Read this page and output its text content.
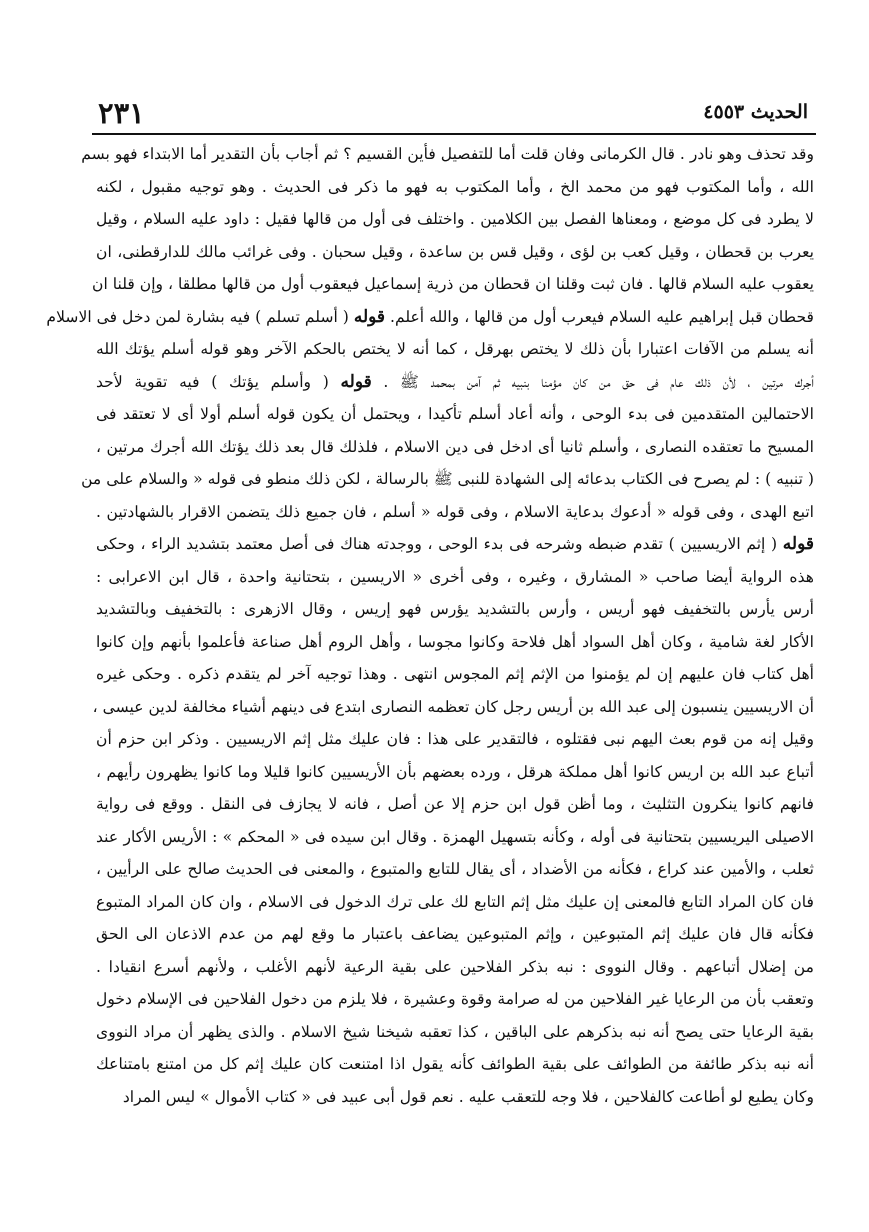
٢٣١	الحديث ٤٥٥٣
وقد تحذف وهو نادر . قال الكرمانى وفان قلت أما للتفصيل فأين القسيم ؟ ثم أجاب بأن التقدير أما الابتداء فهو بسم
الله ، وأما المكتوب فهو من محمد الخ ، وأما المكتوب به فهو ما ذكر فى الحديث . وهو توجيه مقبول ، لكنه
لا يطرد فى كل موضع ، ومعناها الفصل بين الكلامين . واختلف فى أول من قالها فقيل : داود عليه السلام ، وقيل
يعرب بن قحطان ، وقيل كعب بن لؤى ، وقيل قس بن ساعدة ، وقيل سحبان . وفى غرائب مالك للدارقطنى، ان
يعقوب عليه السلام قالها . فان ثبت وقلنا ان قحطان من ذرية إسماعيل فيعقوب أول من قالها مطلقا ، وإن قلنا ان
قحطان قبل إبراهيم عليه السلام فيعرب أول من قالها ، والله أعلم. قوله ( أسلم تسلم ) فيه بشارة لمن دخل فى الاسلام
أنه يسلم من الآفات اعتبارا بأن ذلك لا يختص بهرقل ، كما أنه لا يختص بالحكم الآخر وهو قوله أسلم يؤتك الله
أجرك مرتين ، لأن ذلك عام فى حق من كان مؤمنا بنبيه ثم آمن بمحمد ﷺ . قوله ( وأسلم يؤتك ) فيه تقوية لأحد
الاحتمالين المتقدمين فى بدء الوحى ، وأنه أعاد أسلم تأكيدا ، ويحتمل أن يكون قوله أسلم أولا أى لا تعتقد فى
المسيح ما تعتقده النصارى ، وأسلم ثانيا أى ادخل فى دين الاسلام ، فلذلك قال بعد ذلك يؤتك الله أجرك مرتين ،
( تنبيه ) : لم يصرح فى الكتاب بدعائه إلى الشهادة للنبى ﷺ بالرسالة ، لكن ذلك منطو فى قوله « والسلام على من
اتبع الهدى ، وفى قوله « أدعوك بدعاية الاسلام ، وفى قوله « أسلم ، فان جميع ذلك يتضمن الاقرار بالشهادتين .
قوله ( إثم الاريسيين ) تقدم ضبطه وشرحه فى بدء الوحى ، ووجدته هناك فى أصل معتمد بتشديد الراء ، وحكى
هذه الرواية أيضا صاحب « المشارق ، وغيره ، وفى أخرى « الاريسين ، بتحتانية واحدة ، قال ابن الاعرابى :
أرس يأرس بالتخفيف فهو أريس ، وأرس بالتشديد يؤرس فهو إريس ، وقال الازهرى : بالتخفيف وبالتشديد
الأكار لغة شامية ، وكان أهل السواد أهل فلاحة وكانوا مجوسا ، وأهل الروم أهل صناعة فأعلموا بأنهم وإن كانوا
أهل كتاب فان عليهم إن لم يؤمنوا من الإثم إثم المجوس انتهى . وهذا توجيه آخر لم يتقدم ذكره . وحكى غيره
أن الاريسيين ينسبون إلى عبد الله بن أريس رجل كان تعظمه النصارى ابتدع فى دينهم أشياء مخالفة لدين عيسى ،
وقيل إنه من قوم بعث اليهم نبى فقتلوه ، فالتقدير على هذا : فان عليك مثل إثم الاريسيين . وذكر ابن حزم أن
أتباع عبد الله بن اريس كانوا أهل مملكة هرقل ، ورده بعضهم بأن الأريسيين كانوا قليلا وما كانوا يظهرون رأيهم ،
فانهم كانوا ينكرون التثليث ، وما أظن قول ابن حزم إلا عن أصل ، فانه لا يجازف فى النقل . ووقع فى رواية
الاصيلى اليريسيين بتحتانية فى أوله ، وكأنه بتسهيل الهمزة . وقال ابن سيده فى « المحكم » : الأريس الأكار عند
ثعلب ، والأمين عند كراع ، فكأنه من الأضداد ، أى يقال للتابع والمتبوع ، والمعنى فى الحديث صالح على الرأيين ،
فان كان المراد التابع فالمعنى إن عليك مثل إثم التابع لك على ترك الدخول فى الاسلام ، وان كان المراد المتبوع
فكأنه قال فان عليك إثم المتبوعين ، وإثم المتبوعين يضاعف باعتبار ما وقع لهم من عدم الاذعان الى الحق
من إضلال أتباعهم . وقال النووى : نبه بذكر الفلاحين على بقية الرعية لأنهم الأغلب ، ولأنهم أسرع انقيادا .
وتعقب بأن من الرعايا غير الفلاحين من له صرامة وقوة وعشيرة ، فلا يلزم من دخول الفلاحين فى الإسلام دخول
بقية الرعايا حتى يصح أنه نبه بذكرهم على الباقين ، كذا تعقبه شيخنا شيخ الاسلام . والذى يظهر أن مراد النووى
أنه نبه بذكر طائفة من الطوائف على بقية الطوائف كأنه يقول اذا امتنعت كان عليك إثم كل من امتنع بامتناعك
وكان يطيع لو أطاعت كالفلاحين ، فلا وجه للتعقب عليه . نعم قول أبى عبيد فى « كتاب الأموال » ليس المراد
